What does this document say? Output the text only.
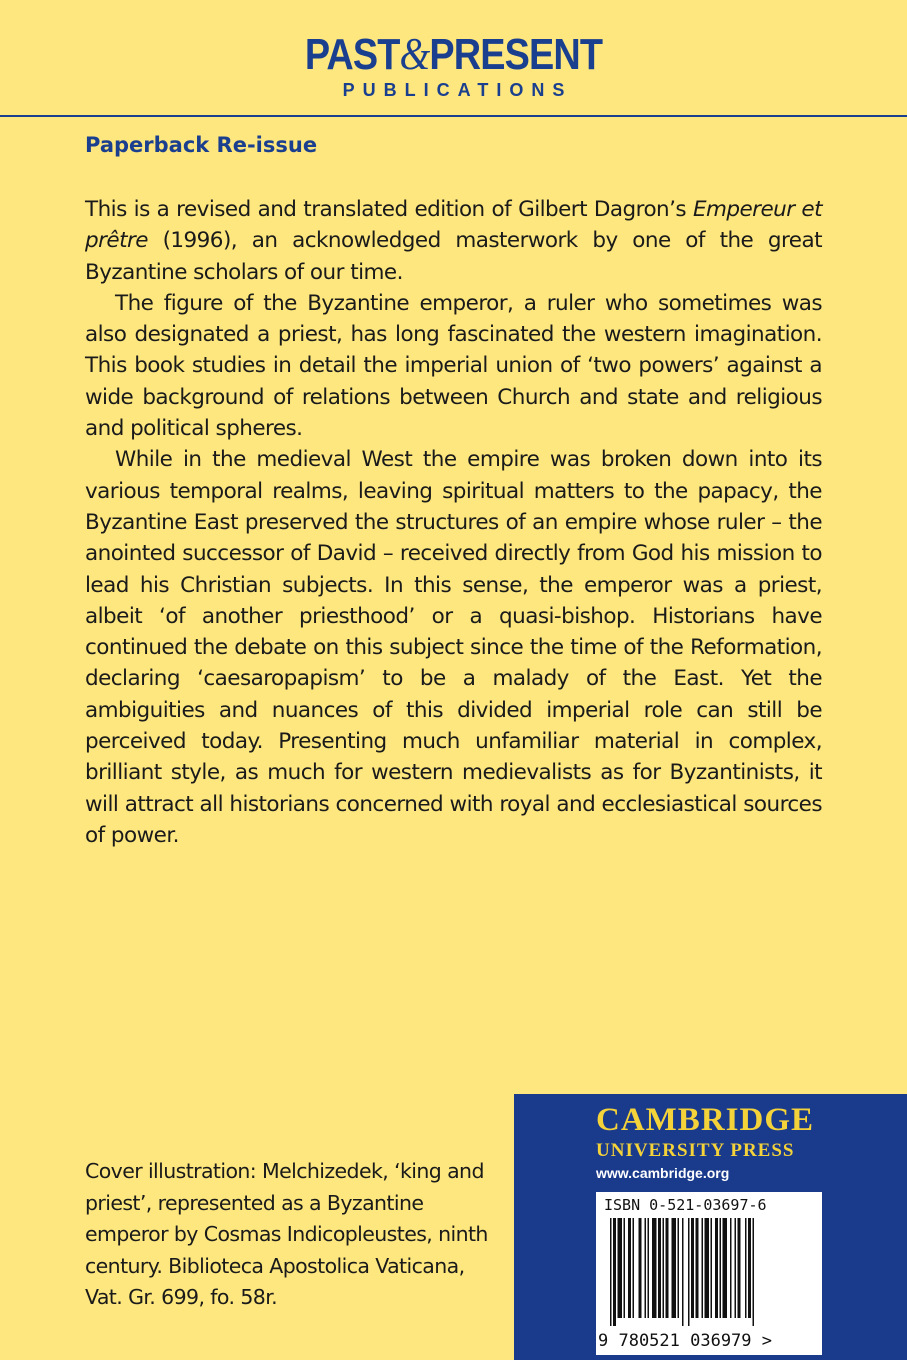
PAST&PRESENT
PUBLICATIONS
Paperback Re-issue

This is a revised and translated edition of Gilbert Dagron’s Empereur et prêtre (1996), an acknowledged masterwork by one of the great Byzantine scholars of our time.

The figure of the Byzantine emperor, a ruler who sometimes was also designated a priest, has long fascinated the western imagination. This book studies in detail the imperial union of ‘two powers’ against a wide background of relations between Church and state and religious and political spheres.

While in the medieval West the empire was broken down into its various temporal realms, leaving spiritual matters to the papacy, the Byzantine East preserved the structures of an empire whose ruler – the anointed successor of David – received directly from God his mission to lead his Christian subjects. In this sense, the emperor was a priest, albeit ‘of another priesthood’ or a quasi-bishop. Historians have continued the debate on this subject since the time of the Reformation, declaring ‘caesaropapism’ to be a malady of the East. Yet the ambiguities and nuances of this divided imperial role can still be perceived today. Presenting much unfamiliar material in complex, brilliant style, as much for western medievalists as for Byzantinists, it will attract all historians concerned with royal and ecclesiastical sources of power.

Cover illustration: Melchizedek, ‘king and priest’, represented as a Byzantine emperor by Cosmas Indicopleustes, ninth century. Biblioteca Apostolica Vaticana, Vat. Gr. 699, fo. 58r.
CAMBRIDGE
UNIVERSITY PRESS
www.cambridge.org
ISBN 0-521-03697-6
9 780521 036979 >
